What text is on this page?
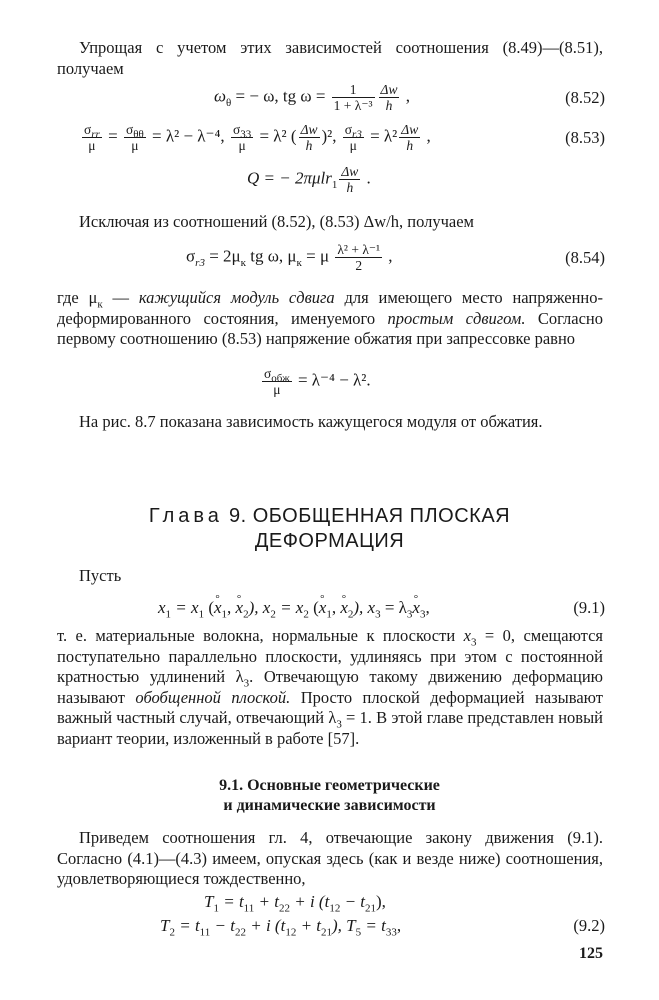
Упрощая с учетом этих зависимостей соотношения (8.49)—(8.51), получаем
$\omega_\theta$ = − ω, tg $\omega = \frac{1}{\text{1 + λ⁻³}} \frac{\Delta w}{h}$ ,	(8.52)
$\frac{\sigma_{rr}}{\mu} = \frac{\sigma_{\theta\theta}}{\mu} = \lambda^2 - \lambda^{-4}$, $\frac{\sigma_{33}}{\mu} = \lambda^2$ ( $\frac{\Delta w}{h} )^2$, $\frac{\sigma_{r3}}{\mu} = \lambda^2 \frac{\Delta w}{h}$ ,	(8.53)
Q = − $2\pi\mu lr_1 \frac{\Delta w}{h}$ .
Исключая из соотношений (8.52), (8.53) Δw/h, получаем
$\sigma_{r3} = 2\mu_к$ tg ω, $\mu_к = \mu \frac{\text{λ² + λ⁻¹}}{2}$ ,	(8.54)
где $\mu_к$ — кажущийся модуль сдвига для имеющего место напряженно-деформированного состояния, именуемого простым сдвигом. Согласно первому соотношению (8.53) напряжение обжатия при запрессовке равно
$\frac{\sigma_{обж}}{\mu} = \lambda^{-4} - \lambda^2$.
На рис. 8.7 показана зависимость кажущегося модуля от обжатия.
Глава 9. ОБОБЩЕННАЯ ПЛОСКАЯ
ДЕФОРМАЦИЯ
Пусть
$x_1 = x_1$ (° $x_1$, ° $x_2$), $x_2 = x_2$ (° $x_1$, ° $x_2$), $x_3 = \lambda_3^\circ$ $x_3$,	(9.1)
т. е. материальные волокна, нормальные к плоскости $x_3 = 0$, смещаются поступательно параллельно плоскости, удлиняясь при этом с постоянной кратностью удлинений $\lambda_3$. Отвечающую такому движению деформацию называют обобщенной плоской. Просто плоской деформацией называют важный частный случай, отвечающий $\lambda_3 = 1$. В этой главе представлен новый вариант теории, изложенный в работе [57].
9.1. Основные геометрические
и динамические зависимости
Приведем соотношения гл. 4, отвечающие закону движения (9.1). Согласно (4.1)—(4.3) имеем, опуская здесь (как и везде ниже) соотношения, удовлетворяющиеся тождественно,
$T_1 = t_{11} + t_{22} + i$ $(t_{12} - t_{21})$,
$T_2 = t_{11} - t_{22} + i$ $(t_{12} + t_{21})$, $T_5 = t_{33}$,	(9.2)
125
